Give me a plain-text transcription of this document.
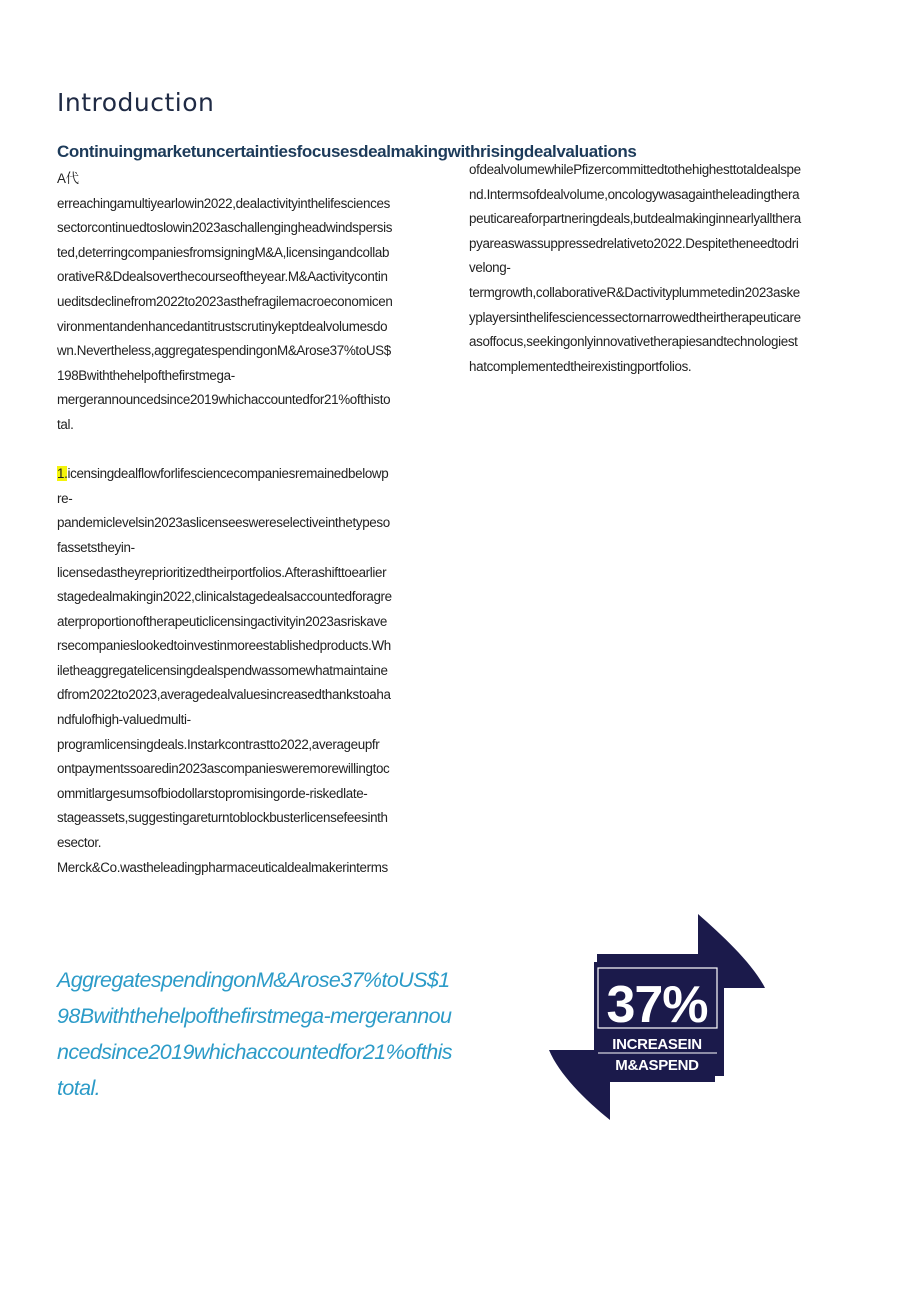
Introduction
Continuingmarketuncertaintiesfocusesdealmakingwithrisingdealvaluations

A代

erreachingamultiyearlowin2022,dealactivityinthelifesciences

sectorcontinuedtoslowin2023aschallengingheadwindspersis

ted,deterringcompaniesfromsigningM&A,licensingandcollab

orativeR&Ddealsoverthecourseoftheyear.M&Aactivitycontin

ueditsdeclinefrom2022to2023asthefragilemacroeconomicen

vironmentandenhancedantitrustscrutinykeptdealvolumesdo

wn.Nevertheless,aggregatespendingonM&Arose37%toUS$

198Bwiththehelpofthefirstmega-

mergerannouncedsince2019whichaccountedfor21%ofthisto

tal.

1.icensingdealflowforlifesciencecompaniesremainedbelowp

re-

pandemiclevelsin2023aslicenseeswereselectiveinthetypeso

fassetstheyin-

licensedastheyreprioritizedtheirportfolios.Afterashifttoearlier

stagedealmakingin2022,clinicalstagedealsaccountedforagre

aterproportionoftherapeuticlicensingactivityin2023asriskave

rsecompanieslookedtoinvestinmoreestablishedproducts.Wh

iletheaggregatelicensingdealspendwassomewhatmaintaine

dfrom2022to2023,averagedealvaluesincreasedthankstoaha

ndfulofhigh-valuedmulti-

programlicensingdeals.Instarkcontrastto2022,averageupfr

ontpaymentssoaredin2023ascompaniesweremorewillingtoc

ommitlargesumsofbiodollarstopromisingorde-riskedlate-

stageassets,suggestingareturntoblockbusterlicensefeesinth

esector.

Merck&Co.wastheleadingpharmaceuticaldealmakerinterms

ofdealvolumewhilePfizercommittedtothehighesttotaldealspe

nd.Intermsofdealvolume,oncologywasagaintheleadingthera

peuticareaforpartneringdeals,butdealmakinginnearlyallthera

pyareaswassuppressedrelativeto2022.Despitetheneedtodri

velong-

termgrowth,collaborativeR&Dactivityplummetedin2023aske

yplayersinthelifesciencessectornarrowedtheirtherapeuticare

asoffocus,seekingonlyinnovativetherapiesandtechnologiest

hatcomplementedtheirexistingportfolios.

AggregatespendingonM&Arose37%toUS$198Bwiththehelpofthefirstmega-mergerannouncedsince2019whichaccountedfor21%ofthistotal.
37%
INCREASEIN
M&ASPEND
